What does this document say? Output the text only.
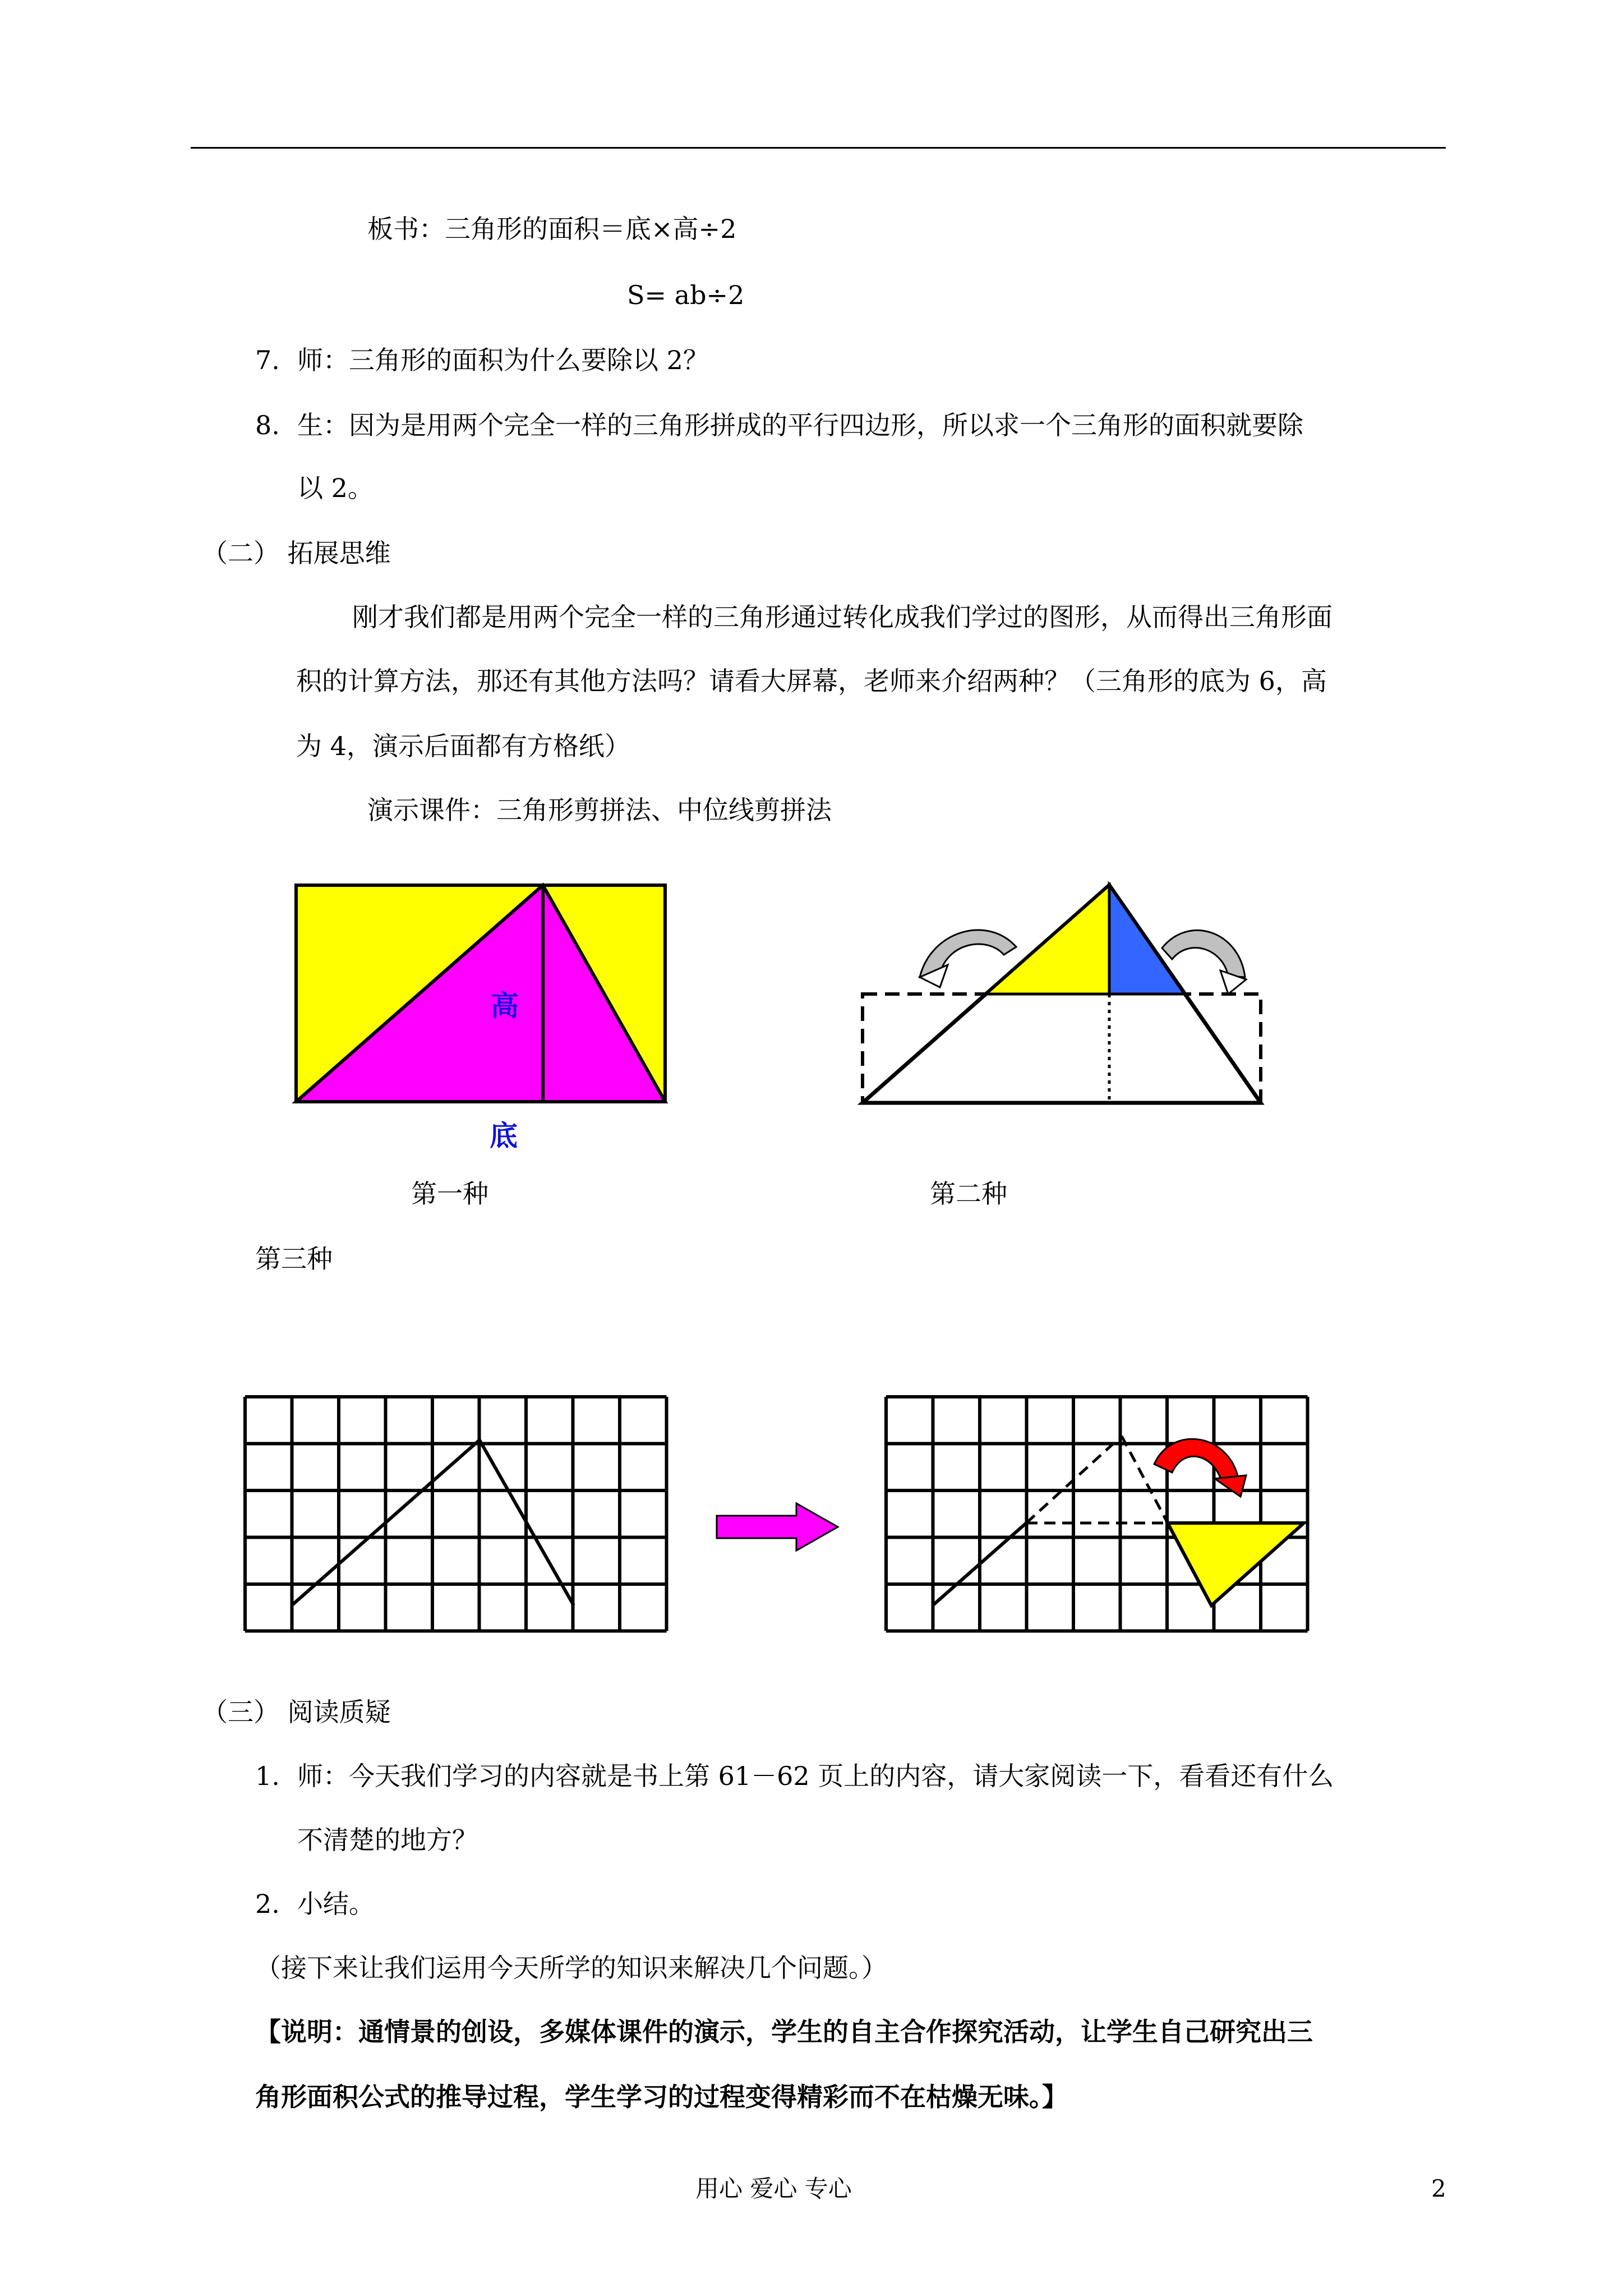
板书：三角形的面积＝底×高÷2
S= ab÷2
7. 师：三角形的面积为什么要除以 2？
8. 生：因为是用两个完全一样的三角形拼成的平行四边形，所以求一个三角形的面积就要除
以 2。
（二） 拓展思维
刚才我们都是用两个完全一样的三角形通过转化成我们学过的图形，从而得出三角形面
积的计算方法，那还有其他方法吗？请看大屏幕，老师来介绍两种？（三角形的底为 6，高
为 4，演示后面都有方格纸）
演示课件：三角形剪拼法、中位线剪拼法
高
底
第一种	第二种
第三种
（三） 阅读质疑
1. 师：今天我们学习的内容就是书上第 61－62 页上的内容，请大家阅读一下，看看还有什么
不清楚的地方？
2. 小结。
（接下来让我们运用今天所学的知识来解决几个问题。）
【说明：通情景的创设，多媒体课件的演示，学生的自主合作探究活动，让学生自己研究出三
角形面积公式的推导过程，学生学习的过程变得精彩而不在枯燥无味。】
用心 爱心 专心	2
